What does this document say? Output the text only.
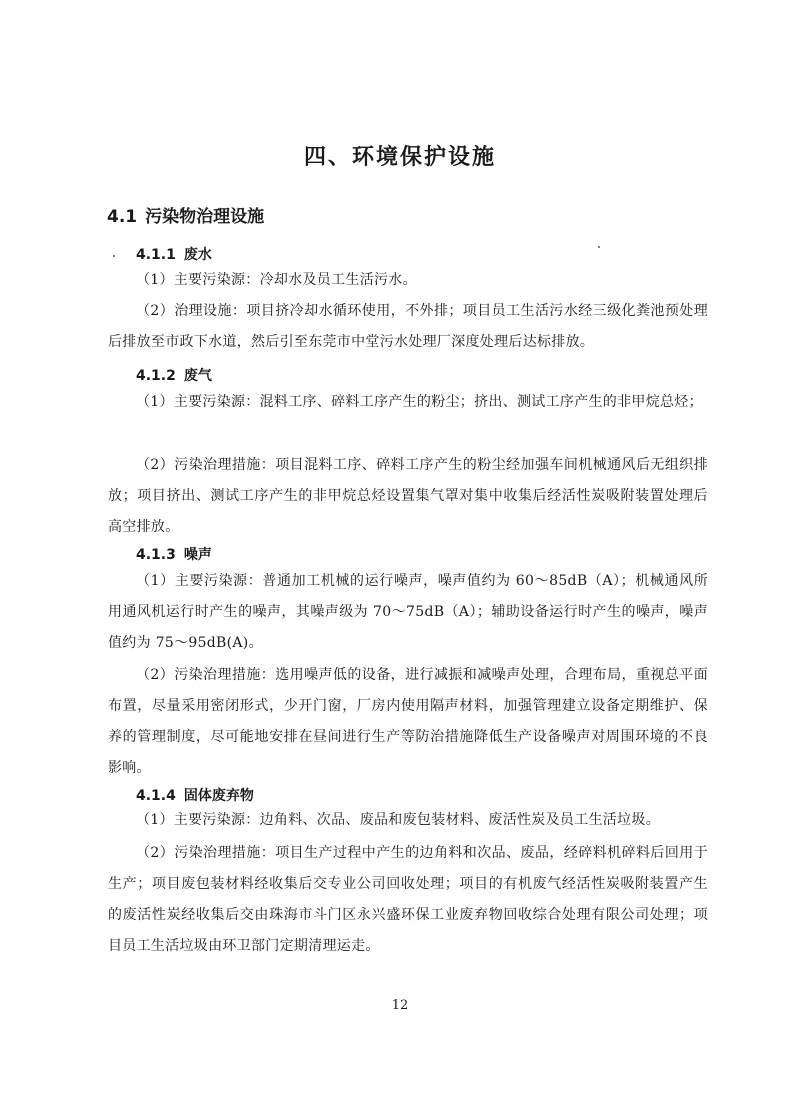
四、环境保护设施
4.1 污染物治理设施
4.1.1 废水

（1）主要污染源：冷却水及员工生活污水。

（2）治理设施：项目挤冷却水循环使用，不外排；项目员工生活污水经三级化粪池预处理后排放至市政下水道，然后引至东莞市中堂污水处理厂深度处理后达标排放。

4.1.2 废气

（1）主要污染源：混料工序、碎料工序产生的粉尘；挤出、测试工序产生的非甲烷总烃；

（2）污染治理措施：项目混料工序、碎料工序产生的粉尘经加强车间机械通风后无组织排放；项目挤出、测试工序产生的非甲烷总烃设置集气罩对集中收集后经活性炭吸附装置处理后高空排放。

4.1.3 噪声

（1）主要污染源：普通加工机械的运行噪声，噪声值约为 60～85dB（A）；机械通风所用通风机运行时产生的噪声，其噪声级为 70～75dB（A）；辅助设备运行时产生的噪声，噪声值约为 75～95dB(A)。

（2）污染治理措施：选用噪声低的设备，进行减振和减噪声处理，合理布局，重视总平面布置，尽量采用密闭形式，少开门窗，厂房内使用隔声材料，加强管理建立设备定期维护、保养的管理制度，尽可能地安排在昼间进行生产等防治措施降低生产设备噪声对周围环境的不良影响。

4.1.4 固体废弃物

（1）主要污染源：边角料、次品、废品和废包装材料、废活性炭及员工生活垃圾。

（2）污染治理措施：项目生产过程中产生的边角料和次品、废品，经碎料机碎料后回用于生产；项目废包装材料经收集后交专业公司回收处理；项目的有机废气经活性炭吸附装置产生的废活性炭经收集后交由珠海市斗门区永兴盛环保工业废弃物回收综合处理有限公司处理；项目员工生活垃圾由环卫部门定期清理运走。

12
